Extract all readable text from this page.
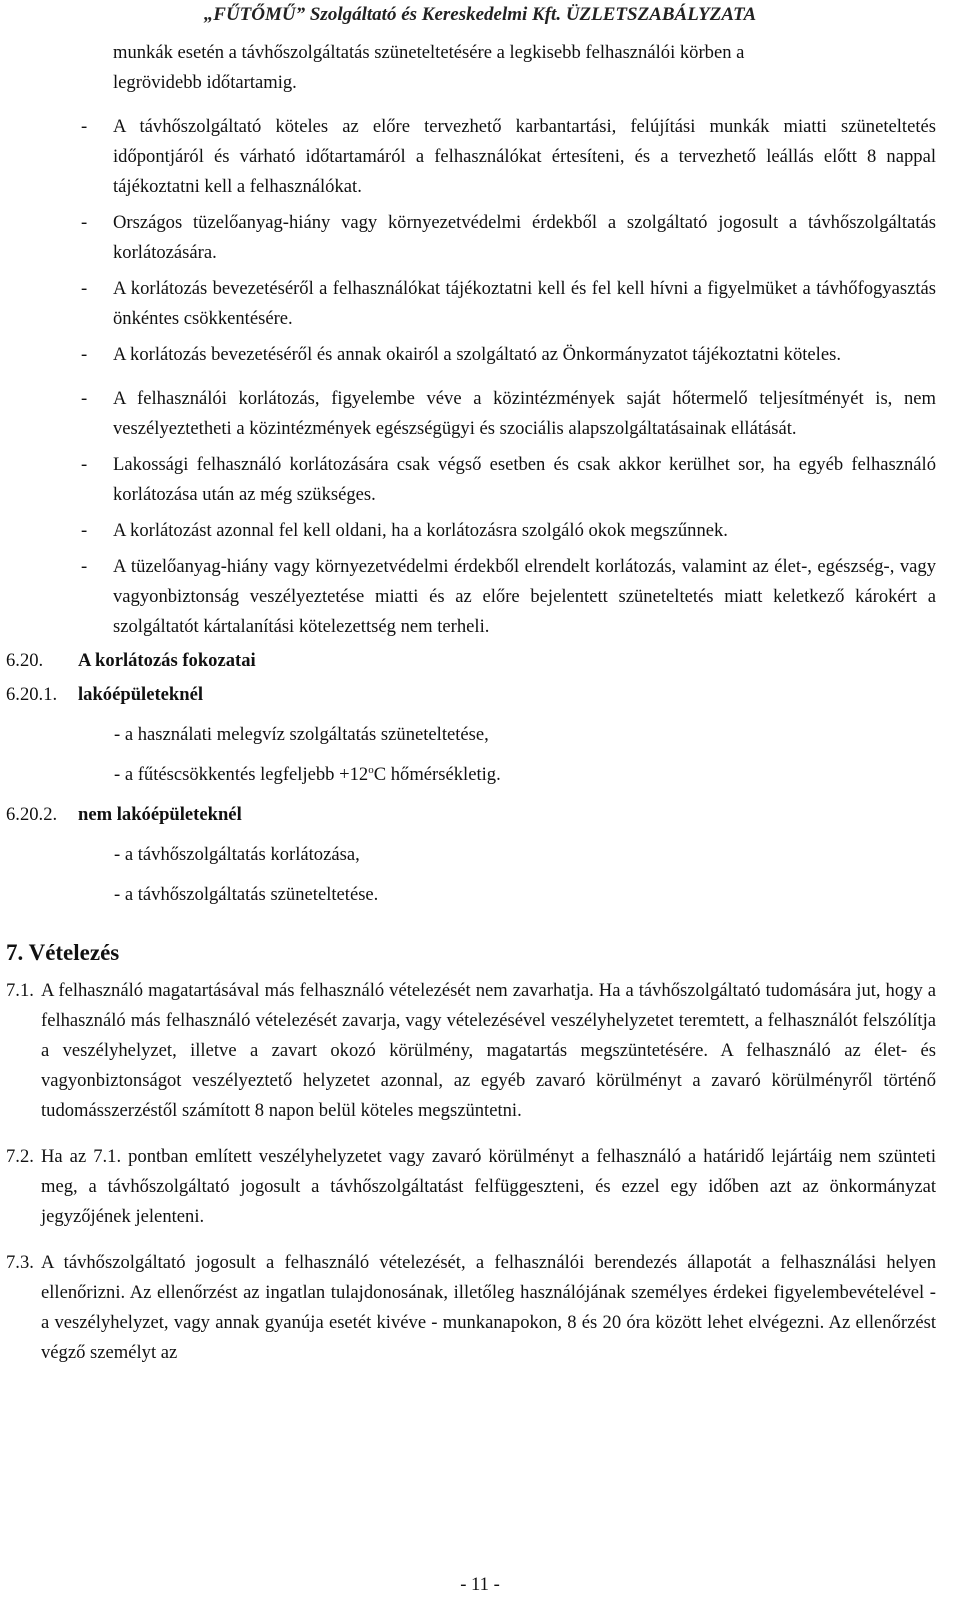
„FŰTŐMŰ” Szolgáltató és Kereskedelmi Kft. ÜZLETSZABÁLYZATA
munkák esetén a távhőszolgáltatás szüneteltetésére a legkisebb felhasználói körben a
legrövidebb időtartamig.
- A távhőszolgáltató köteles az előre tervezhető karbantartási, felújítási munkák miatti szüneteltetés időpontjáról és várható időtartamáról a felhasználókat értesíteni, és a tervezhető leállás előtt 8 nappal tájékoztatni kell a felhasználókat.
- Országos tüzelőanyag-hiány vagy környezetvédelmi érdekből a szolgáltató jogosult a távhőszolgáltatás korlátozására.
- A korlátozás bevezetéséről a felhasználókat tájékoztatni kell és fel kell hívni a figyelmüket a távhőfogyasztás önkéntes csökkentésére.
- A korlátozás bevezetéséről és annak okairól a szolgáltató az Önkormányzatot tájékoztatni köteles.
- A felhasználói korlátozás, figyelembe véve a közintézmények saját hőtermelő teljesítményét is, nem veszélyeztetheti a közintézmények egészségügyi és szociális alapszolgáltatásainak ellátását.
- Lakossági felhasználó korlátozására csak végső esetben és csak akkor kerülhet sor, ha egyéb felhasználó korlátozása után az még szükséges.
- A korlátozást azonnal fel kell oldani, ha a korlátozásra szolgáló okok megszűnnek.
- A tüzelőanyag-hiány vagy környezetvédelmi érdekből elrendelt korlátozás, valamint az élet-, egészség-, vagy vagyonbiztonság veszélyeztetése miatti és az előre bejelentett szüneteltetés miatt keletkező károkért a szolgáltatót kártalanítási kötelezettség nem terheli.
6.20. A korlátozás fokozatai
6.20.1. lakóépületeknél
- a használati melegvíz szolgáltatás szüneteltetése,
- a fűtéscsökkentés legfeljebb $+12^oC$ hőmérsékletig.
6.20.2. nem lakóépületeknél
- a távhőszolgáltatás korlátozása,
- a távhőszolgáltatás szüneteltetése.
7. Vételezés
7.1. A felhasználó magatartásával más felhasználó vételezését nem zavarhatja. Ha a távhőszolgáltató tudomására jut, hogy a felhasználó más felhasználó vételezését zavarja, vagy vételezésével veszélyhelyzetet teremtett, a felhasználót felszólítja a veszélyhelyzet, illetve a zavart okozó körülmény, magatartás megszüntetésére. A felhasználó az élet- és vagyonbiztonságot veszélyeztető helyzetet azonnal, az egyéb zavaró körülményt a zavaró körülményről történő tudomásszerzéstől számított 8 napon belül köteles megszüntetni.
7.2. Ha az 7.1. pontban említett veszélyhelyzetet vagy zavaró körülményt a felhasználó a határidő lejártáig nem szünteti meg, a távhőszolgáltató jogosult a távhőszolgáltatást felfüggeszteni, és ezzel egy időben azt az önkormányzat jegyzőjének jelenteni.
7.3. A távhőszolgáltató jogosult a felhasználó vételezését, a felhasználói berendezés állapotát a felhasználási helyen ellenőrizni. Az ellenőrzést az ingatlan tulajdonosának, illetőleg használójának személyes érdekei figyelembevételével - a veszélyhelyzet, vagy annak gyanúja esetét kivéve - munkanapokon, 8 és 20 óra között lehet elvégezni. Az ellenőrzést végző személyt az
- 11 -
